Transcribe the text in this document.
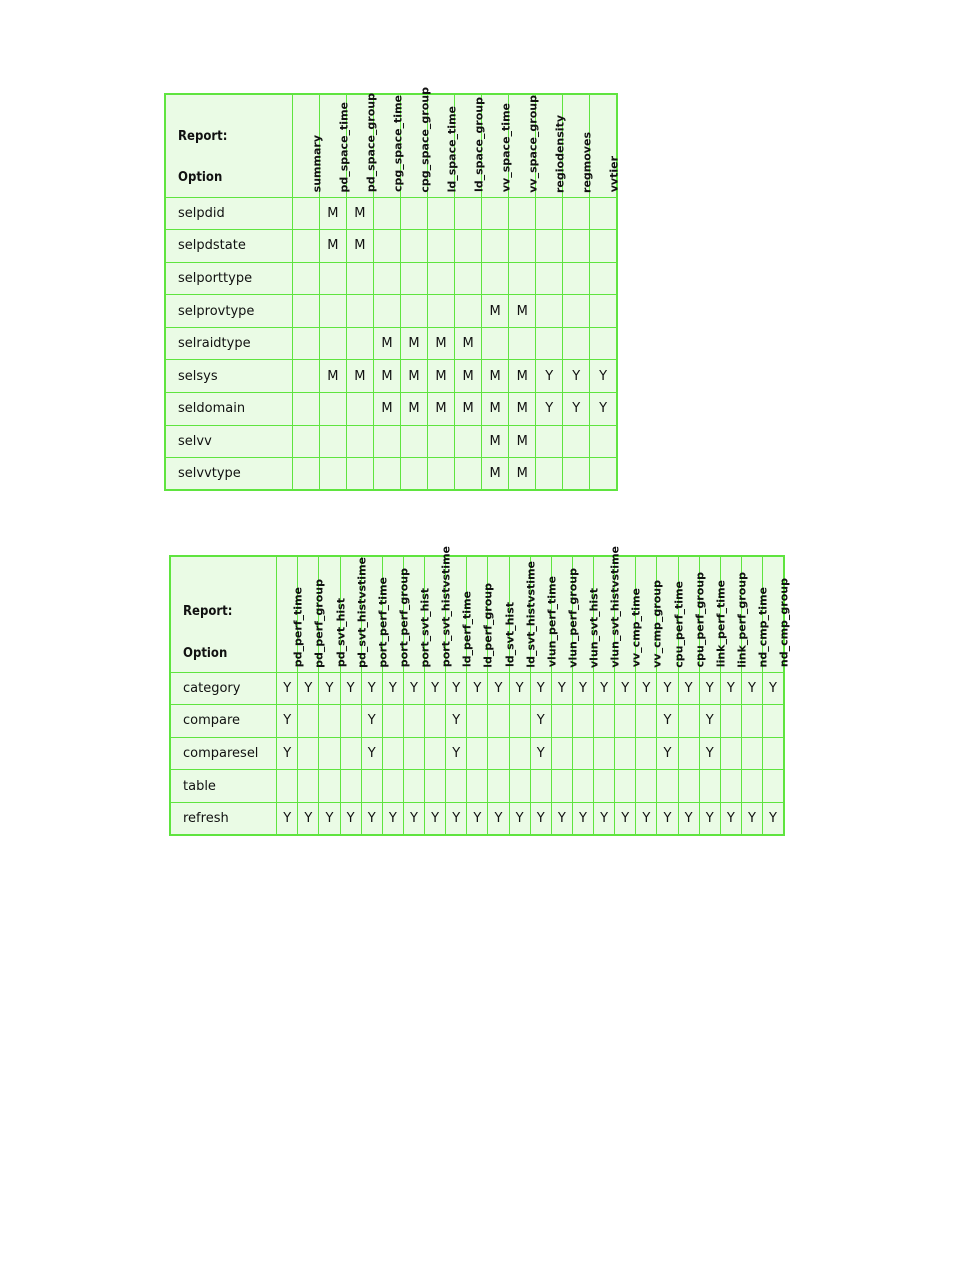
Report:
Option	summary	pd_space_time	pd_space_group	cpg_space_time	cpg_space_group	ld_space_time	ld_space_group	vv_space_time	vv_space_group	regiodensity	regmoves	vvtier

selpdid		M	M									
selpdstate		M	M									
selporttype												
selprovtype								M	M			
selraidtype				M	M	M	M					
selsys		M	M	M	M	M	M	M	M	Y	Y	Y
seldomain				M	M	M	M	M	M	Y	Y	Y
selvv								M	M			
selvvtype								M	M			
Report:
Option	pd_perf_time	pd_perf_group	pd_svt_hist	pd_svt_histvstime	port_perf_time	port_perf_group	port_svt_hist	port_svt_histvstime	ld_perf_time	ld_perf_group	ld_svt_hist	ld_svt_histvstime	vlun_perf_time	vlun_perf_group	vlun_svt_hist	vlun_svt_histvstime	vv_cmp_time	vv_cmp_group	cpu_perf_time	cpu_perf_group	link_perf_time	link_perf_group	nd_cmp_time	nd_cmp_group

category	Y	Y	Y	Y	Y	Y	Y	Y	Y	Y	Y	Y	Y	Y	Y	Y	Y	Y	Y	Y	Y	Y	Y	Y
compare	Y				Y				Y				Y						Y		Y			
comparesel	Y				Y				Y				Y						Y		Y			
table																								
refresh	Y	Y	Y	Y	Y	Y	Y	Y	Y	Y	Y	Y	Y	Y	Y	Y	Y	Y	Y	Y	Y	Y	Y	Y
